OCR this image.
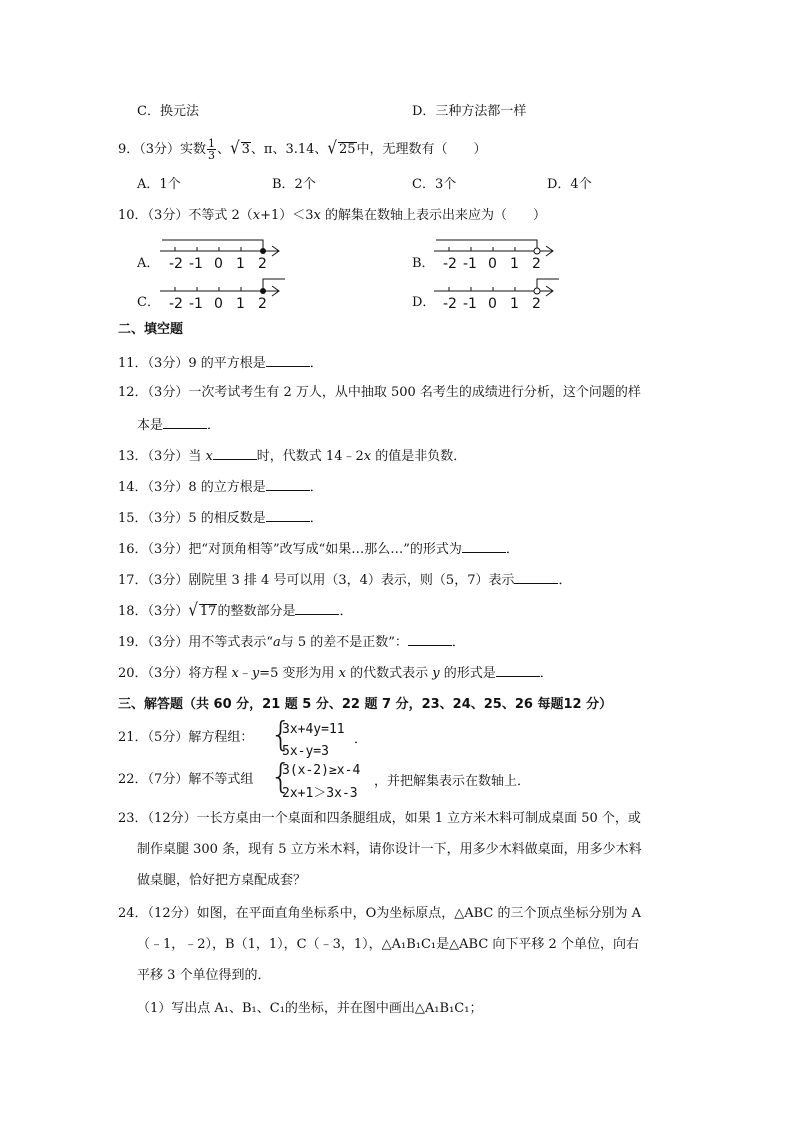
C．换元法	D．三种方法都一样
9．（3分）实数 $\frac{1}{3}$ 、√ 3、π、3.14、√ 25中，无理数有（　　）
A．1个	B．2个	C．3个	D．4个
10．（3分）不等式 2（x+1）＜3x 的解集在数轴上表示出来应为（　　）
A． -2 -1 0 1 2	B． -2 -1 0 1 2
C． -2 -1 0 1 2	D． -2 -1 0 1 2
二、填空题
11．（3分）9 的平方根是	．
12．（3分）一次考试考生有 2 万人，从中抽取 500 名考生的成绩进行分析，这个问题的样
本是	．
13．（3分）当 x	时，代数式 14﹣2x 的值是非负数．
14．（3分）8 的立方根是	．
15．（3分）5 的相反数是	．
16．（3分）把“对顶角相等”改写成“如果…那么…”的形式为	．
17．（3分）剧院里 3 排 4 号可以用（3，4）表示，则（5，7）表示	．
18．（3分）√ 17的整数部分是	．
19．（3分）用不等式表示“a与 5 的差不是正数”：	．
20．（3分）将方程 x﹣y=5 变形为用 x 的代数式表示 y 的形式是	．
三、解答题（共 60 分，21 题 5 分、22 题 7 分，23、24、25、26 每题12 分）
21．（5分）解方程组： {
3x+4y=11
5x-y=3
．
22．（7分）解不等式组 {
3(x-2)≥x-4
2x+1＞3x-3
，并把解集表示在数轴上．
23．（12分）一长方桌由一个桌面和四条腿组成，如果 1 立方米木料可制成桌面 50 个，或
制作桌腿 300 条，现有 5 立方米木料，请你设计一下，用多少木料做桌面，用多少木料
做桌腿，恰好把方桌配成套？
24．（12分）如图，在平面直角坐标系中，O为坐标原点，△ABC 的三个顶点坐标分别为 A
（﹣1，﹣2），B（1，1），C（﹣3，1），△A₁B₁C₁是△ABC 向下平移 2 个单位，向右
平移 3 个单位得到的．
（1）写出点 A₁、B₁、C₁的坐标，并在图中画出△A₁B₁C₁；
